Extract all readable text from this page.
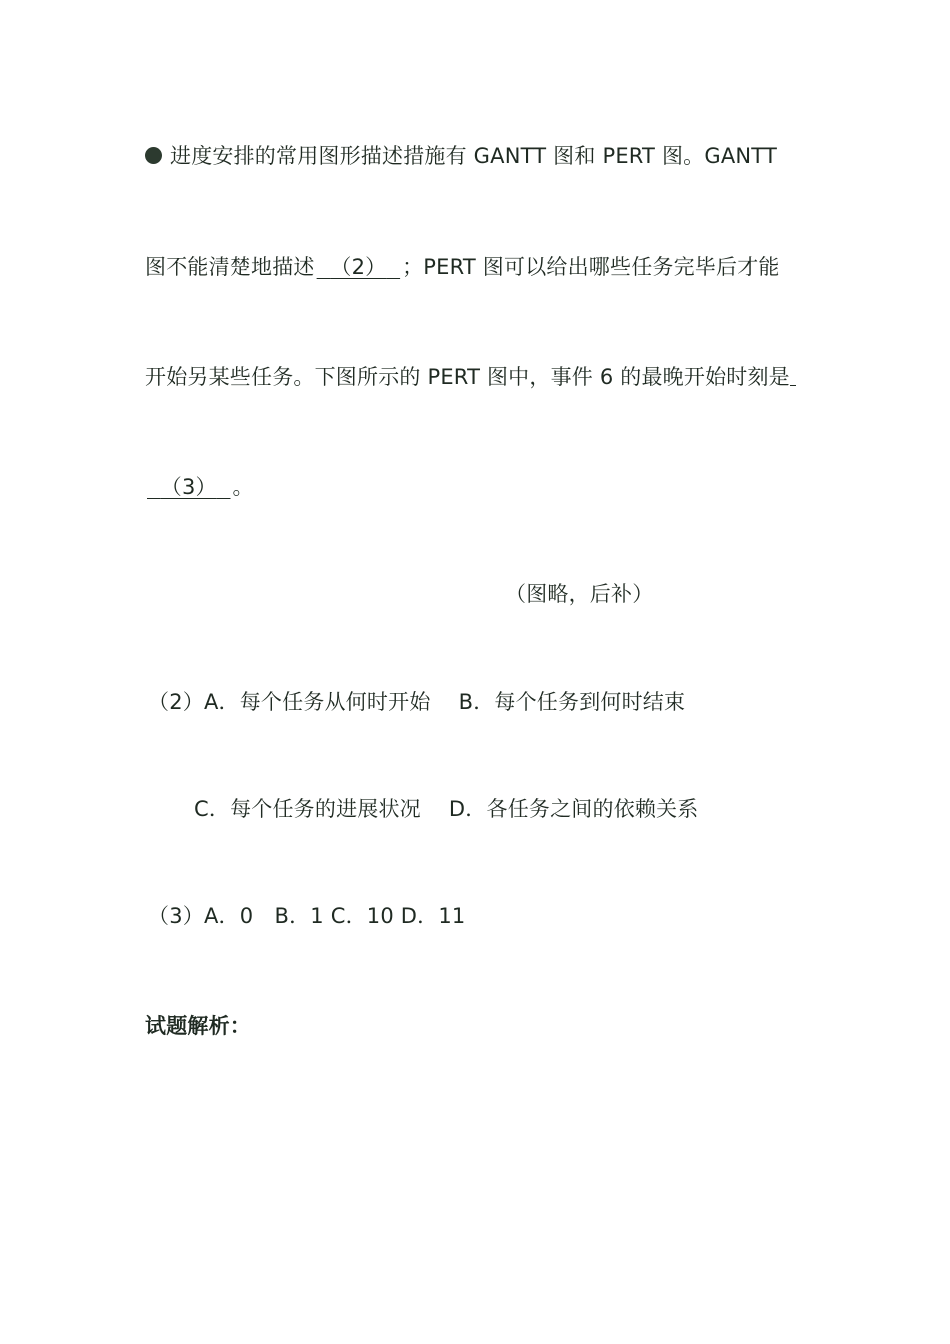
进度安排的常用图形描述措施有 GANTT 图和 PERT 图。GANTT
图不能清楚地描述 （2） ；PERT 图可以给出哪些任务完毕后才能
开始另某些任务。下图所示的 PERT 图中，事件 6 的最晚开始时刻是
（3） 。
（图略，后补）
（2）A．每个任务从何时开始　 B．每个任务到何时结束
C．每个任务的进展状况　 D．各任务之间的依赖关系
（3）A．0　B．1 C．10 D．11
试题解析：
